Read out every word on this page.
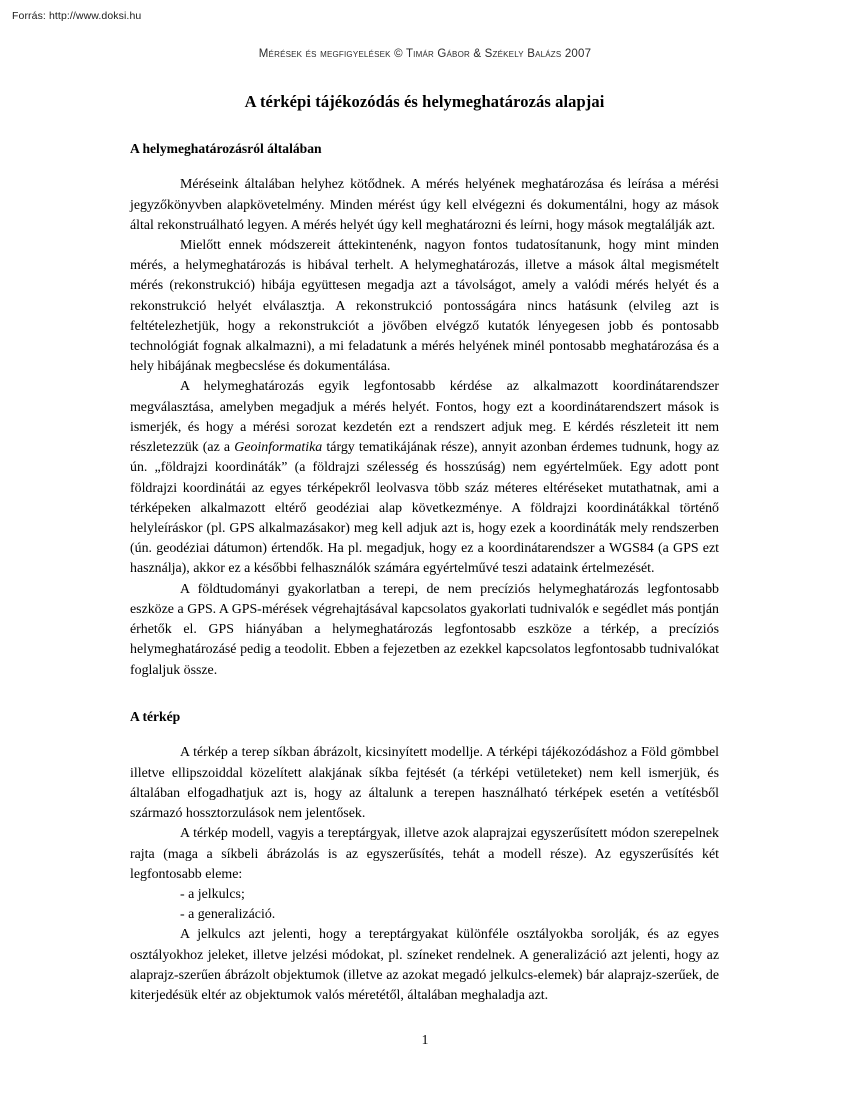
Forrás: http://www.doksi.hu
Mérések és megfigyelések © Timár Gábor & Székely Balázs 2007
A térképi tájékozódás és helymeghatározás alapjai
A helymeghatározásról általában

Méréseink általában helyhez kötődnek. A mérés helyének meghatározása és leírása a mérési jegyzőkönyvben alapkövetelmény. Minden mérést úgy kell elvégezni és dokumentálni, hogy az mások által rekonstruálható legyen. A mérés helyét úgy kell meghatározni és leírni, hogy mások megtalálják azt.

Mielőtt ennek módszereit áttekintenénk, nagyon fontos tudatosítanunk, hogy mint minden mérés, a helymeghatározás is hibával terhelt. A helymeghatározás, illetve a mások által megismételt mérés (rekonstrukció) hibája együttesen megadja azt a távolságot, amely a valódi mérés helyét és a rekonstrukció helyét elválasztja. A rekonstrukció pontosságára nincs hatásunk (elvileg azt is feltételezhetjük, hogy a rekonstrukciót a jövőben elvégző kutatók lényegesen jobb és pontosabb technológiát fognak alkalmazni), a mi feladatunk a mérés helyének minél pontosabb meghatározása és a hely hibájának megbecslése és dokumentálása.

A helymeghatározás egyik legfontosabb kérdése az alkalmazott koordinátarendszer megválasztása, amelyben megadjuk a mérés helyét. Fontos, hogy ezt a koordinátarendszert mások is ismerjék, és hogy a mérési sorozat kezdetén ezt a rendszert adjuk meg. E kérdés részleteit itt nem részletezzük (az a Geoinformatika tárgy tematikájának része), annyit azonban érdemes tudnunk, hogy az ún. „földrajzi koordináták” (a földrajzi szélesség és hosszúság) nem egyértelműek. Egy adott pont földrajzi koordinátái az egyes térképekről leolvasva több száz méteres eltéréseket mutathatnak, ami a térképeken alkalmazott eltérő geodéziai alap következménye. A földrajzi koordinátákkal történő helyleíráskor (pl. GPS alkalmazásakor) meg kell adjuk azt is, hogy ezek a koordináták mely rendszerben (ún. geodéziai dátumon) értendők. Ha pl. megadjuk, hogy ez a koordinátarendszer a WGS84 (a GPS ezt használja), akkor ez a későbbi felhasználók számára egyértelművé teszi adataink értelmezését.

A földtudományi gyakorlatban a terepi, de nem precíziós helymeghatározás legfontosabb eszköze a GPS. A GPS-mérések végrehajtásával kapcsolatos gyakorlati tudnivalók e segédlet más pontján érhetők el. GPS hiányában a helymeghatározás legfontosabb eszköze a térkép, a precíziós helymeghatározásé pedig a teodolit. Ebben a fejezetben az ezekkel kapcsolatos legfontosabb tudnivalókat foglaljuk össze.

A térkép

A térkép a terep síkban ábrázolt, kicsinyített modellje. A térképi tájékozódáshoz a Föld gömbbel illetve ellipszoiddal közelített alakjának síkba fejtését (a térképi vetületeket) nem kell ismerjük, és általában elfogadhatjuk azt is, hogy az általunk a terepen használható térképek esetén a vetítésből származó hossztorzulások nem jelentősek.

A térkép modell, vagyis a tereptárgyak, illetve azok alaprajzai egyszerűsített módon szerepelnek rajta (maga a síkbeli ábrázolás is az egyszerűsítés, tehát a modell része). Az egyszerűsítés két legfontosabb eleme:

- a jelkulcs;
- a generalizáció.

A jelkulcs azt jelenti, hogy a tereptárgyakat különféle osztályokba sorolják, és az egyes osztályokhoz jeleket, illetve jelzési módokat, pl. színeket rendelnek. A generalizáció azt jelenti, hogy az alaprajz-szerűen ábrázolt objektumok (illetve az azokat megadó jelkulcs-elemek) bár alaprajz-szerűek, de kiterjedésük eltér az objektumok valós méretétől, általában meghaladja azt.

1
